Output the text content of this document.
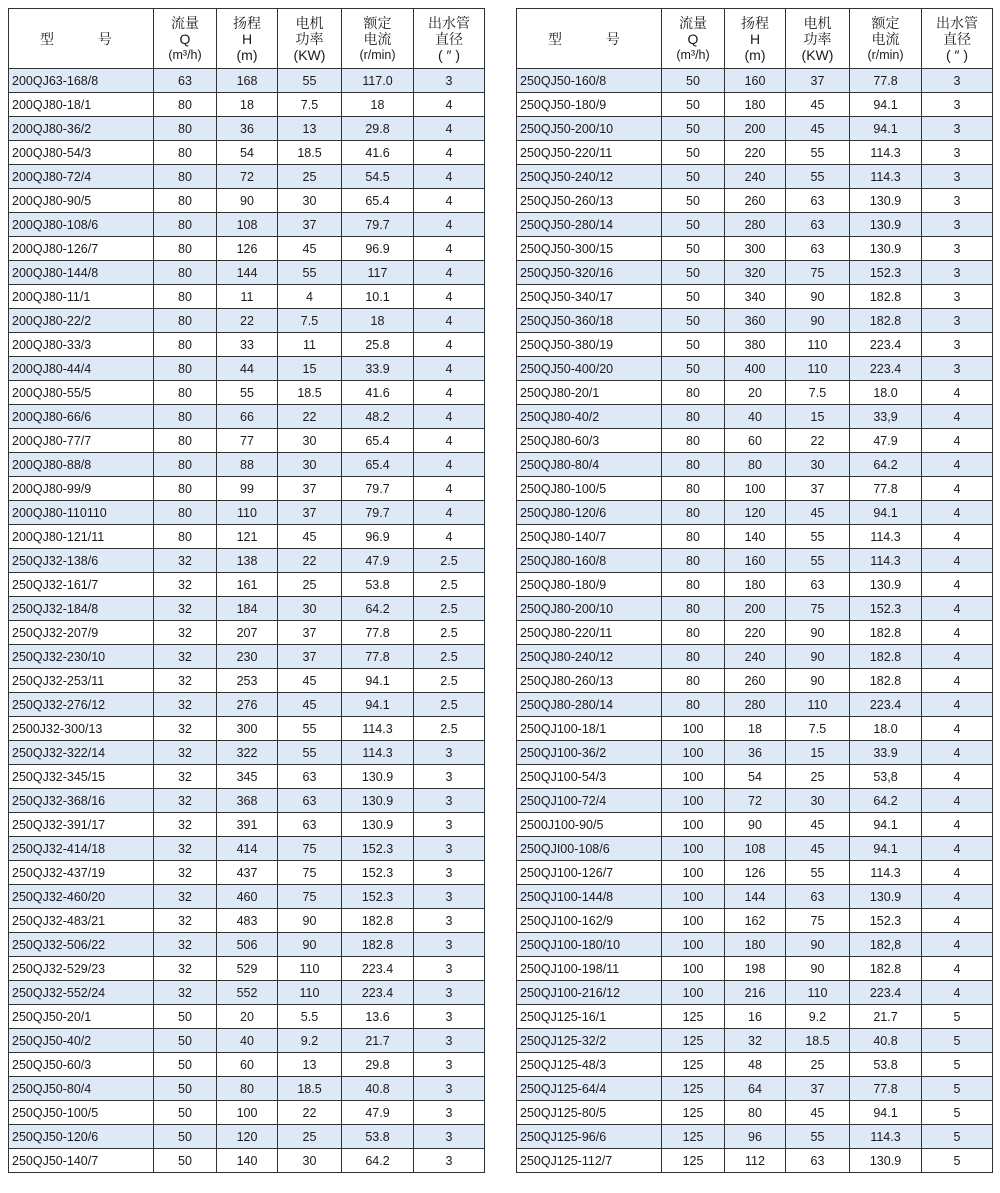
型 号	流量
Q
(m³/h)	扬程
H
(m)	电机
功率
(KW)	额定
电流
(r/min)	出水管
直径
( ″ )

200QJ63-168/8	63	168	55	117.0	3
200QJ80-18/1	80	18	7.5	18	4
200QJ80-36/2	80	36	13	29.8	4
200QJ80-54/3	80	54	18.5	41.6	4
200QJ80-72/4	80	72	25	54.5	4
200QJ80-90/5	80	90	30	65.4	4
200QJ80-108/6	80	108	37	79.7	4
200QJ80-126/7	80	126	45	96.9	4
200QJ80-144/8	80	144	55	117	4
200QJ80-11/1	80	11	4	10.1	4
200QJ80-22/2	80	22	7.5	18	4
200QJ80-33/3	80	33	11	25.8	4
200QJ80-44/4	80	44	15	33.9	4
200QJ80-55/5	80	55	18.5	41.6	4
200QJ80-66/6	80	66	22	48.2	4
200QJ80-77/7	80	77	30	65.4	4
200QJ80-88/8	80	88	30	65.4	4
200QJ80-99/9	80	99	37	79.7	4
200QJ80-110110	80	110	37	79.7	4
200QJ80-121/11	80	121	45	96.9	4
250QJ32-138/6	32	138	22	47.9	2.5
250QJ32-161/7	32	161	25	53.8	2.5
250QJ32-184/8	32	184	30	64.2	2.5
250QJ32-207/9	32	207	37	77.8	2.5
250QJ32-230/10	32	230	37	77.8	2.5
250QJ32-253/11	32	253	45	94.1	2.5
250QJ32-276/12	32	276	45	94.1	2.5
2500J32-300/13	32	300	55	114.3	2.5
250QJ32-322/14	32	322	55	114.3	3
250QJ32-345/15	32	345	63	130.9	3
250QJ32-368/16	32	368	63	130.9	3
250QJ32-391/17	32	391	63	130.9	3
250QJ32-414/18	32	414	75	152.3	3
250QJ32-437/19	32	437	75	152.3	3
250QJ32-460/20	32	460	75	152.3	3
250QJ32-483/21	32	483	90	182.8	3
250QJ32-506/22	32	506	90	182.8	3
250QJ32-529/23	32	529	110	223.4	3
250QJ32-552/24	32	552	110	223.4	3
250QJ50-20/1	50	20	5.5	13.6	3
250QJ50-40/2	50	40	9.2	21.7	3
250QJ50-60/3	50	60	13	29.8	3
250QJ50-80/4	50	80	18.5	40.8	3
250QJ50-100/5	50	100	22	47.9	3
250QJ50-120/6	50	120	25	53.8	3
250QJ50-140/7	50	140	30	64.2	3
型 号	流量
Q
(m³/h)	扬程
H
(m)	电机
功率
(KW)	额定
电流
(r/min)	出水管
直径
( ″ )

250QJ50-160/8	50	160	37	77.8	3
250QJ50-180/9	50	180	45	94.1	3
250QJ50-200/10	50	200	45	94.1	3
250QJ50-220/11	50	220	55	114.3	3
250QJ50-240/12	50	240	55	114.3	3
250QJ50-260/13	50	260	63	130.9	3
250QJ50-280/14	50	280	63	130.9	3
250QJ50-300/15	50	300	63	130.9	3
250QJ50-320/16	50	320	75	152.3	3
250QJ50-340/17	50	340	90	182.8	3
250QJ50-360/18	50	360	90	182.8	3
250QJ50-380/19	50	380	110	223.4	3
250QJ50-400/20	50	400	110	223.4	3
250QJ80-20/1	80	20	7.5	18.0	4
250QJ80-40/2	80	40	15	33,9	4
250QJ80-60/3	80	60	22	47.9	4
250QJ80-80/4	80	80	30	64.2	4
250QJ80-100/5	80	100	37	77.8	4
250QJ80-120/6	80	120	45	94.1	4
250QJ80-140/7	80	140	55	114.3	4
250QJ80-160/8	80	160	55	114.3	4
250QJ80-180/9	80	180	63	130.9	4
250QJ80-200/10	80	200	75	152.3	4
250QJ80-220/11	80	220	90	182.8	4
250QJ80-240/12	80	240	90	182.8	4
250QJ80-260/13	80	260	90	182.8	4
250QJ80-280/14	80	280	110	223.4	4
250QJ100-18/1	100	18	7.5	18.0	4
250QJ100-36/2	100	36	15	33.9	4
250QJ100-54/3	100	54	25	53,8	4
250QJ100-72/4	100	72	30	64.2	4
2500J100-90/5	100	90	45	94.1	4
250QJI00-108/6	100	108	45	94.1	4
250QJ100-126/7	100	126	55	114.3	4
250QJ100-144/8	100	144	63	130.9	4
250QJ100-162/9	100	162	75	152.3	4
250QJ100-180/10	100	180	90	182,8	4
250QJ100-198/11	100	198	90	182.8	4
250QJ100-216/12	100	216	110	223.4	4
250QJ125-16/1	125	16	9.2	21.7	5
250QJ125-32/2	125	32	18.5	40.8	5
250QJ125-48/3	125	48	25	53.8	5
250QJ125-64/4	125	64	37	77.8	5
250QJ125-80/5	125	80	45	94.1	5
250QJ125-96/6	125	96	55	114.3	5
250QJ125-112/7	125	112	63	130.9	5
